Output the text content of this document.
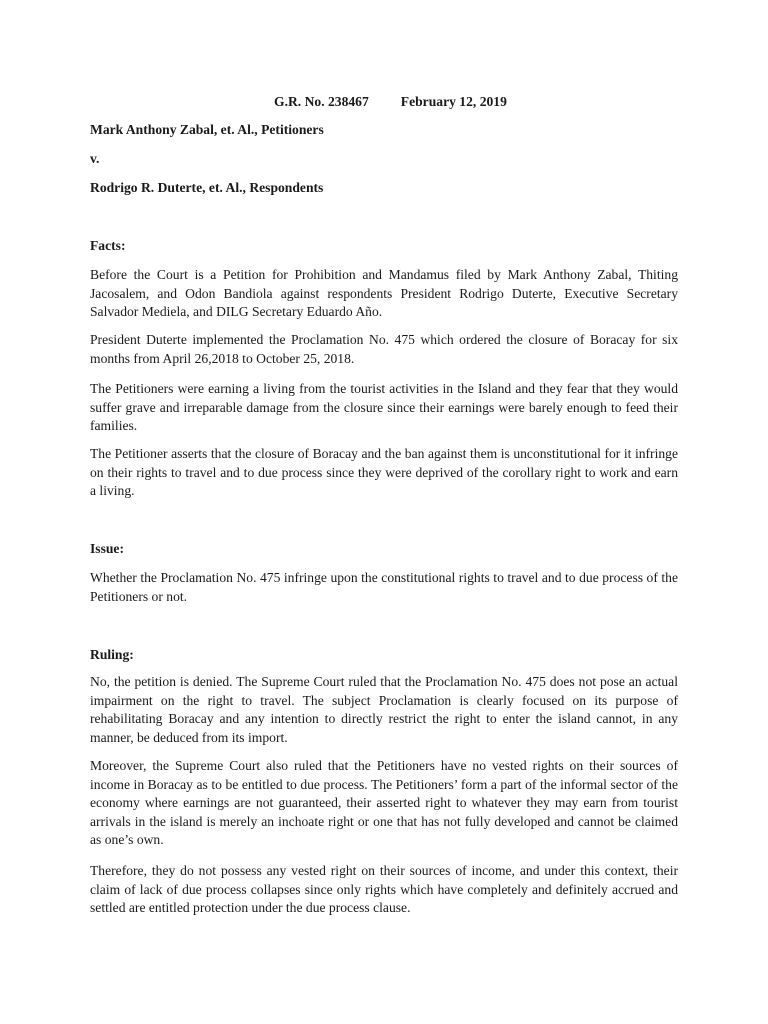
G.R. No. 238467 February 12, 2019
Mark Anthony Zabal, et. Al., Petitioners
v.
Rodrigo R. Duterte, et. Al., Respondents
Facts:
Before the Court is a Petition for Prohibition and Mandamus filed by Mark Anthony Zabal, Thiting Jacosalem, and Odon Bandiola against respondents President Rodrigo Duterte, Executive Secretary Salvador Mediela, and DILG Secretary Eduardo Año.
President Duterte implemented the Proclamation No. 475 which ordered the closure of Boracay for six months from April 26,2018 to October 25, 2018.
The Petitioners were earning a living from the tourist activities in the Island and they fear that they would suffer grave and irreparable damage from the closure since their earnings were barely enough to feed their families.
The Petitioner asserts that the closure of Boracay and the ban against them is unconstitutional for it infringe on their rights to travel and to due process since they were deprived of the corollary right to work and earn a living.
Issue:
Whether the Proclamation No. 475 infringe upon the constitutional rights to travel and to due process of the Petitioners or not.
Ruling:
No, the petition is denied. The Supreme Court ruled that the Proclamation No. 475 does not pose an actual impairment on the right to travel. The subject Proclamation is clearly focused on its purpose of rehabilitating Boracay and any intention to directly restrict the right to enter the island cannot, in any manner, be deduced from its import.
Moreover, the Supreme Court also ruled that the Petitioners have no vested rights on their sources of income in Boracay as to be entitled to due process. The Petitioners’ form a part of the informal sector of the economy where earnings are not guaranteed, their asserted right to whatever they may earn from tourist arrivals in the island is merely an inchoate right or one that has not fully developed and cannot be claimed as one’s own.
Therefore, they do not possess any vested right on their sources of income, and under this context, their claim of lack of due process collapses since only rights which have completely and definitely accrued and settled are entitled protection under the due process clause.
